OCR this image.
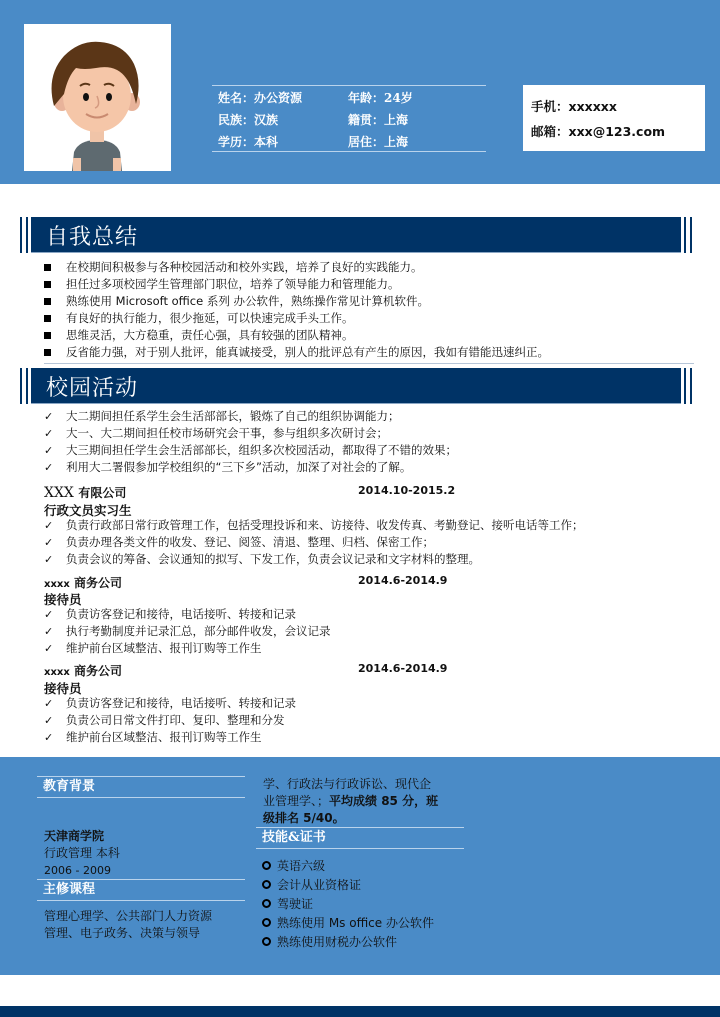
姓名：办公资源	年龄：24岁
民族：汉族	籍贯：上海
学历：本科	居住：上海
手机：xxxxxx
邮箱：xxx@123.com
自我总结
在校期间积极参与各种校园活动和校外实践，培养了良好的实践能力。
担任过多项校园学生管理部门职位，培养了领导能力和管理能力。
熟练使用 Microsoft office 系列 办公软件，熟练操作常见计算机软件。
有良好的执行能力，很少拖延，可以快速完成手头工作。
思维灵活，大方稳重，责任心强，具有较强的团队精神。
反省能力强，对于别人批评，能真诚接受，别人的批评总有产生的原因，我如有错能迅速纠正。
校园活动
✓	大二期间担任系学生会生活部部长，锻炼了自己的组织协调能力；
✓	大一、大二期间担任校市场研究会干事，参与组织多次研讨会；
✓	大三期间担任学生会生活部部长，组织多次校园活动，都取得了不错的效果；
✓	利用大二署假参加学校组织的“三下乡”活动，加深了对社会的了解。
XXX 有限公司	2014.10-2015.2
行政文员实习生
✓	负责行政部日常行政管理工作，包括受理投诉和来、访接待、收发传真、考勤登记、接听电话等工作；
✓	负责办理各类文件的收发、登记、阅签、清退、整理、归档、保密工作；
✓	负责会议的筹备、会议通知的拟写、下发工作，负责会议记录和文字材料的整理。
xxxx 商务公司	2014.6-2014.9
接待员
✓	负责访客登记和接待，电话接听、转接和记录
✓	执行考勤制度并记录汇总，部分邮件收发，会议记录
✓	维护前台区域整洁、报刊订购等工作生
xxxx 商务公司	2014.6-2014.9
接待员
✓	负责访客登记和接待，电话接听、转接和记录
✓	负责公司日常文件打印、复印、整理和分发
✓	维护前台区域整洁、报刊订购等工作生
教育背景
天津商学院
行政管理 本科
2006 - 2009
主修课程
管理心理学、公共部门人力资源
管理、电子政务、决策与领导
学、行政法与行政诉讼、现代企
业管理学、；平均成绩 85 分，班
级排名 5/40。
技能&证书
英语六级
会计从业资格证
驾驶证
熟练使用 Ms office 办公软件
熟练使用财税办公软件
